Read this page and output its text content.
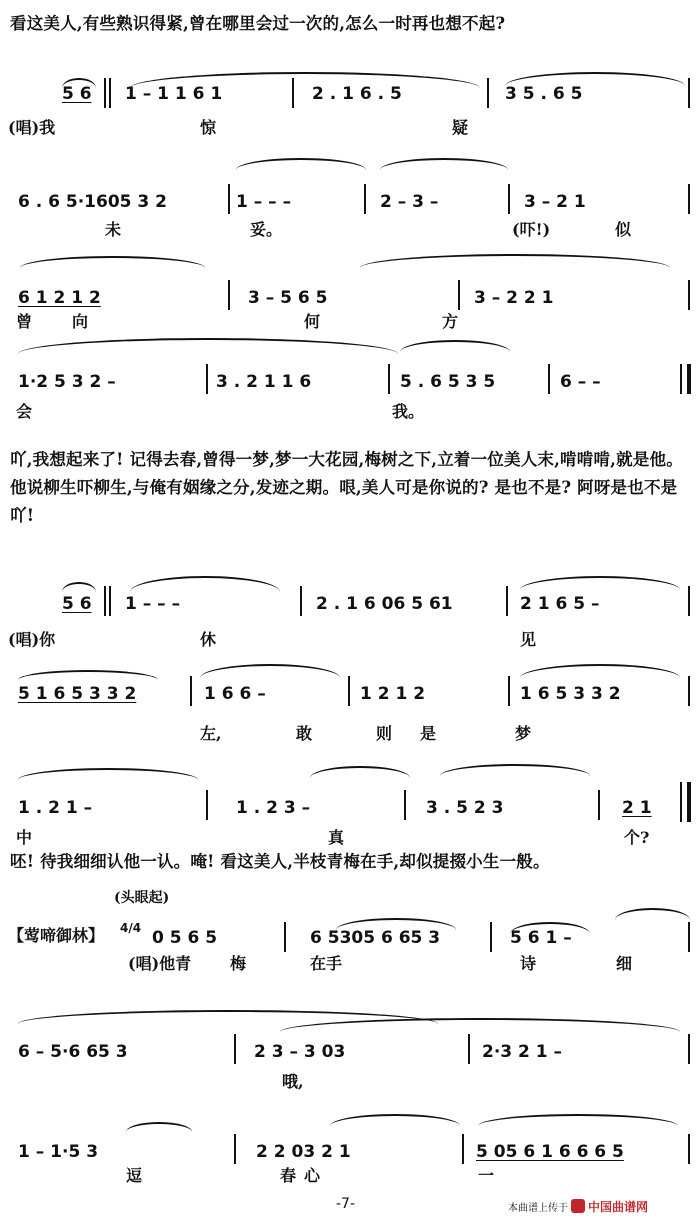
看这美人,有些熟识得紧,曾在哪里会过一次的,怎么一时再也想不起?
5 6 1 – 1 1 6 1	2 . 1 6 . 5	3 5 . 6 5
(唱)我	惊	疑
6 . 6 5·1605 3 2	1 – – –	2 – 3 –	3 – 2 1
未	妥。	(吓!)	似
6 1 2 1 2	3 – 5 6 5	3 – 2 2 1
曾 向	何	方
1·2 5 3 2 –	3 . 2 1 1 6	5 . 6 5 3 5	6 – –
会	我。
吖,我想起来了! 记得去春,曾得一梦,梦一大花园,梅树之下,立着一位美人末,啃啃啃,就是他。他说柳生吓柳生,与俺有姻缘之分,发迹之期。哏,美人可是你说的? 是也不是? 阿呀是也不是吖!
5 6 1 – – –	2 . 1 6 06 5 61	2 1 6 5 –
(唱)你	休	见
5 1 6 5 3 3 2	1 6 6 –	1 2 1 2	1 6 5 3 3 2
左,	敢	则是	梦
1 . 2 1 –	1 . 2 3 –	3 . 5 2 3	2 1
中	真	个?
呸! 待我细细认他一认。唵! 看这美人,半枝青梅在手,却似提掇小生一般。
(头眼起)
【莺啼御林】 4/4 0 5 6 5	6 5305 6 65 3	5 6 1 –
(唱)他青 梅	在手	诗	细
6 – 5·6 65 3	2 3 – 3 03	2·3 2 1 –
哦,
1 – 1·5 3	2 2 03 2 1	5 05 6 1 6 6 6 5
逗	春心	一
-7-	本曲谱上传于 中国曲谱网
